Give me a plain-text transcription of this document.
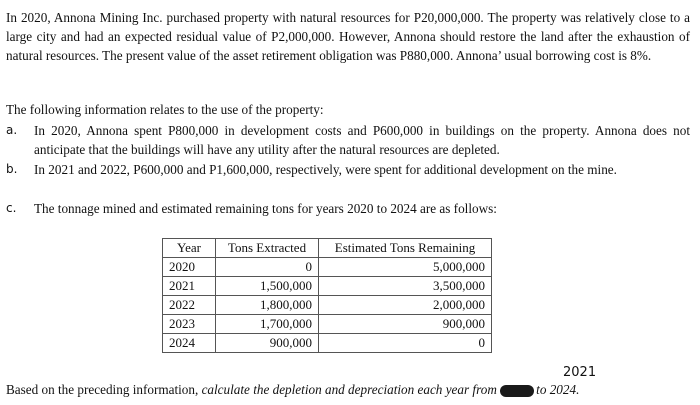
In 2020, Annona Mining Inc. purchased property with natural resources for P20,000,000. The property was relatively close to a large city and had an expected residual value of P2,000,000. However, Annona should restore the land after the exhaustion of natural resources. The present value of the asset retirement obligation was P880,000. Annona’ usual borrowing cost is 8%.
The following information relates to the use of the property:
a. In 2020, Annona spent P800,000 in development costs and P600,000 in buildings on the property. Annona does not anticipate that the buildings will have any utility after the natural resources are depleted.
b. In 2021 and 2022, P600,000 and P1,600,000, respectively, were spent for additional development on the mine.
c. The tonnage mined and estimated remaining tons for years 2020 to 2024 are as follows:
Year	Tons Extracted	Estimated Tons Remaining
2020	0	5,000,000
2021	1,500,000	3,500,000
2022	1,800,000	2,000,000
2023	1,700,000	900,000
2024	900,000	0
2021
Based on the preceding information, calculate the depletion and depreciation each year from	to 2024.
